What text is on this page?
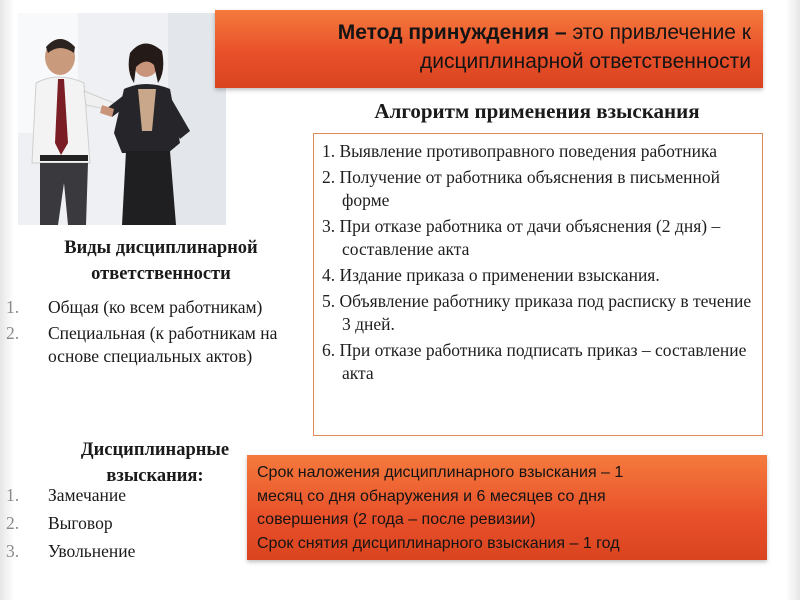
Метод принуждения – это привлечение к
дисциплинарной ответственности
Алгоритм применения взыскания
1. Выявление противоправного поведения работника
2. Получение от работника объяснения в письменной форме
3. При отказе работника от дачи объяснения (2 дня) – составление акта
4. Издание приказа о применении взыскания.
5. Объявление работнику приказа под расписку в течение 3 дней.
6. При отказе работника подписать приказ – составление акта
Виды дисциплинарной ответственности
1. Общая (ко всем работникам)
2. Специальная (к работникам на основе специальных актов)
Дисциплинарные взыскания:
1. Замечание
2. Выговор
3. Увольнение
Срок наложения дисциплинарного взыскания – 1
месяц со дня обнаружения и 6 месяцев со дня
совершения (2 года – после ревизии)
Срок снятия дисциплинарного взыскания – 1 год
